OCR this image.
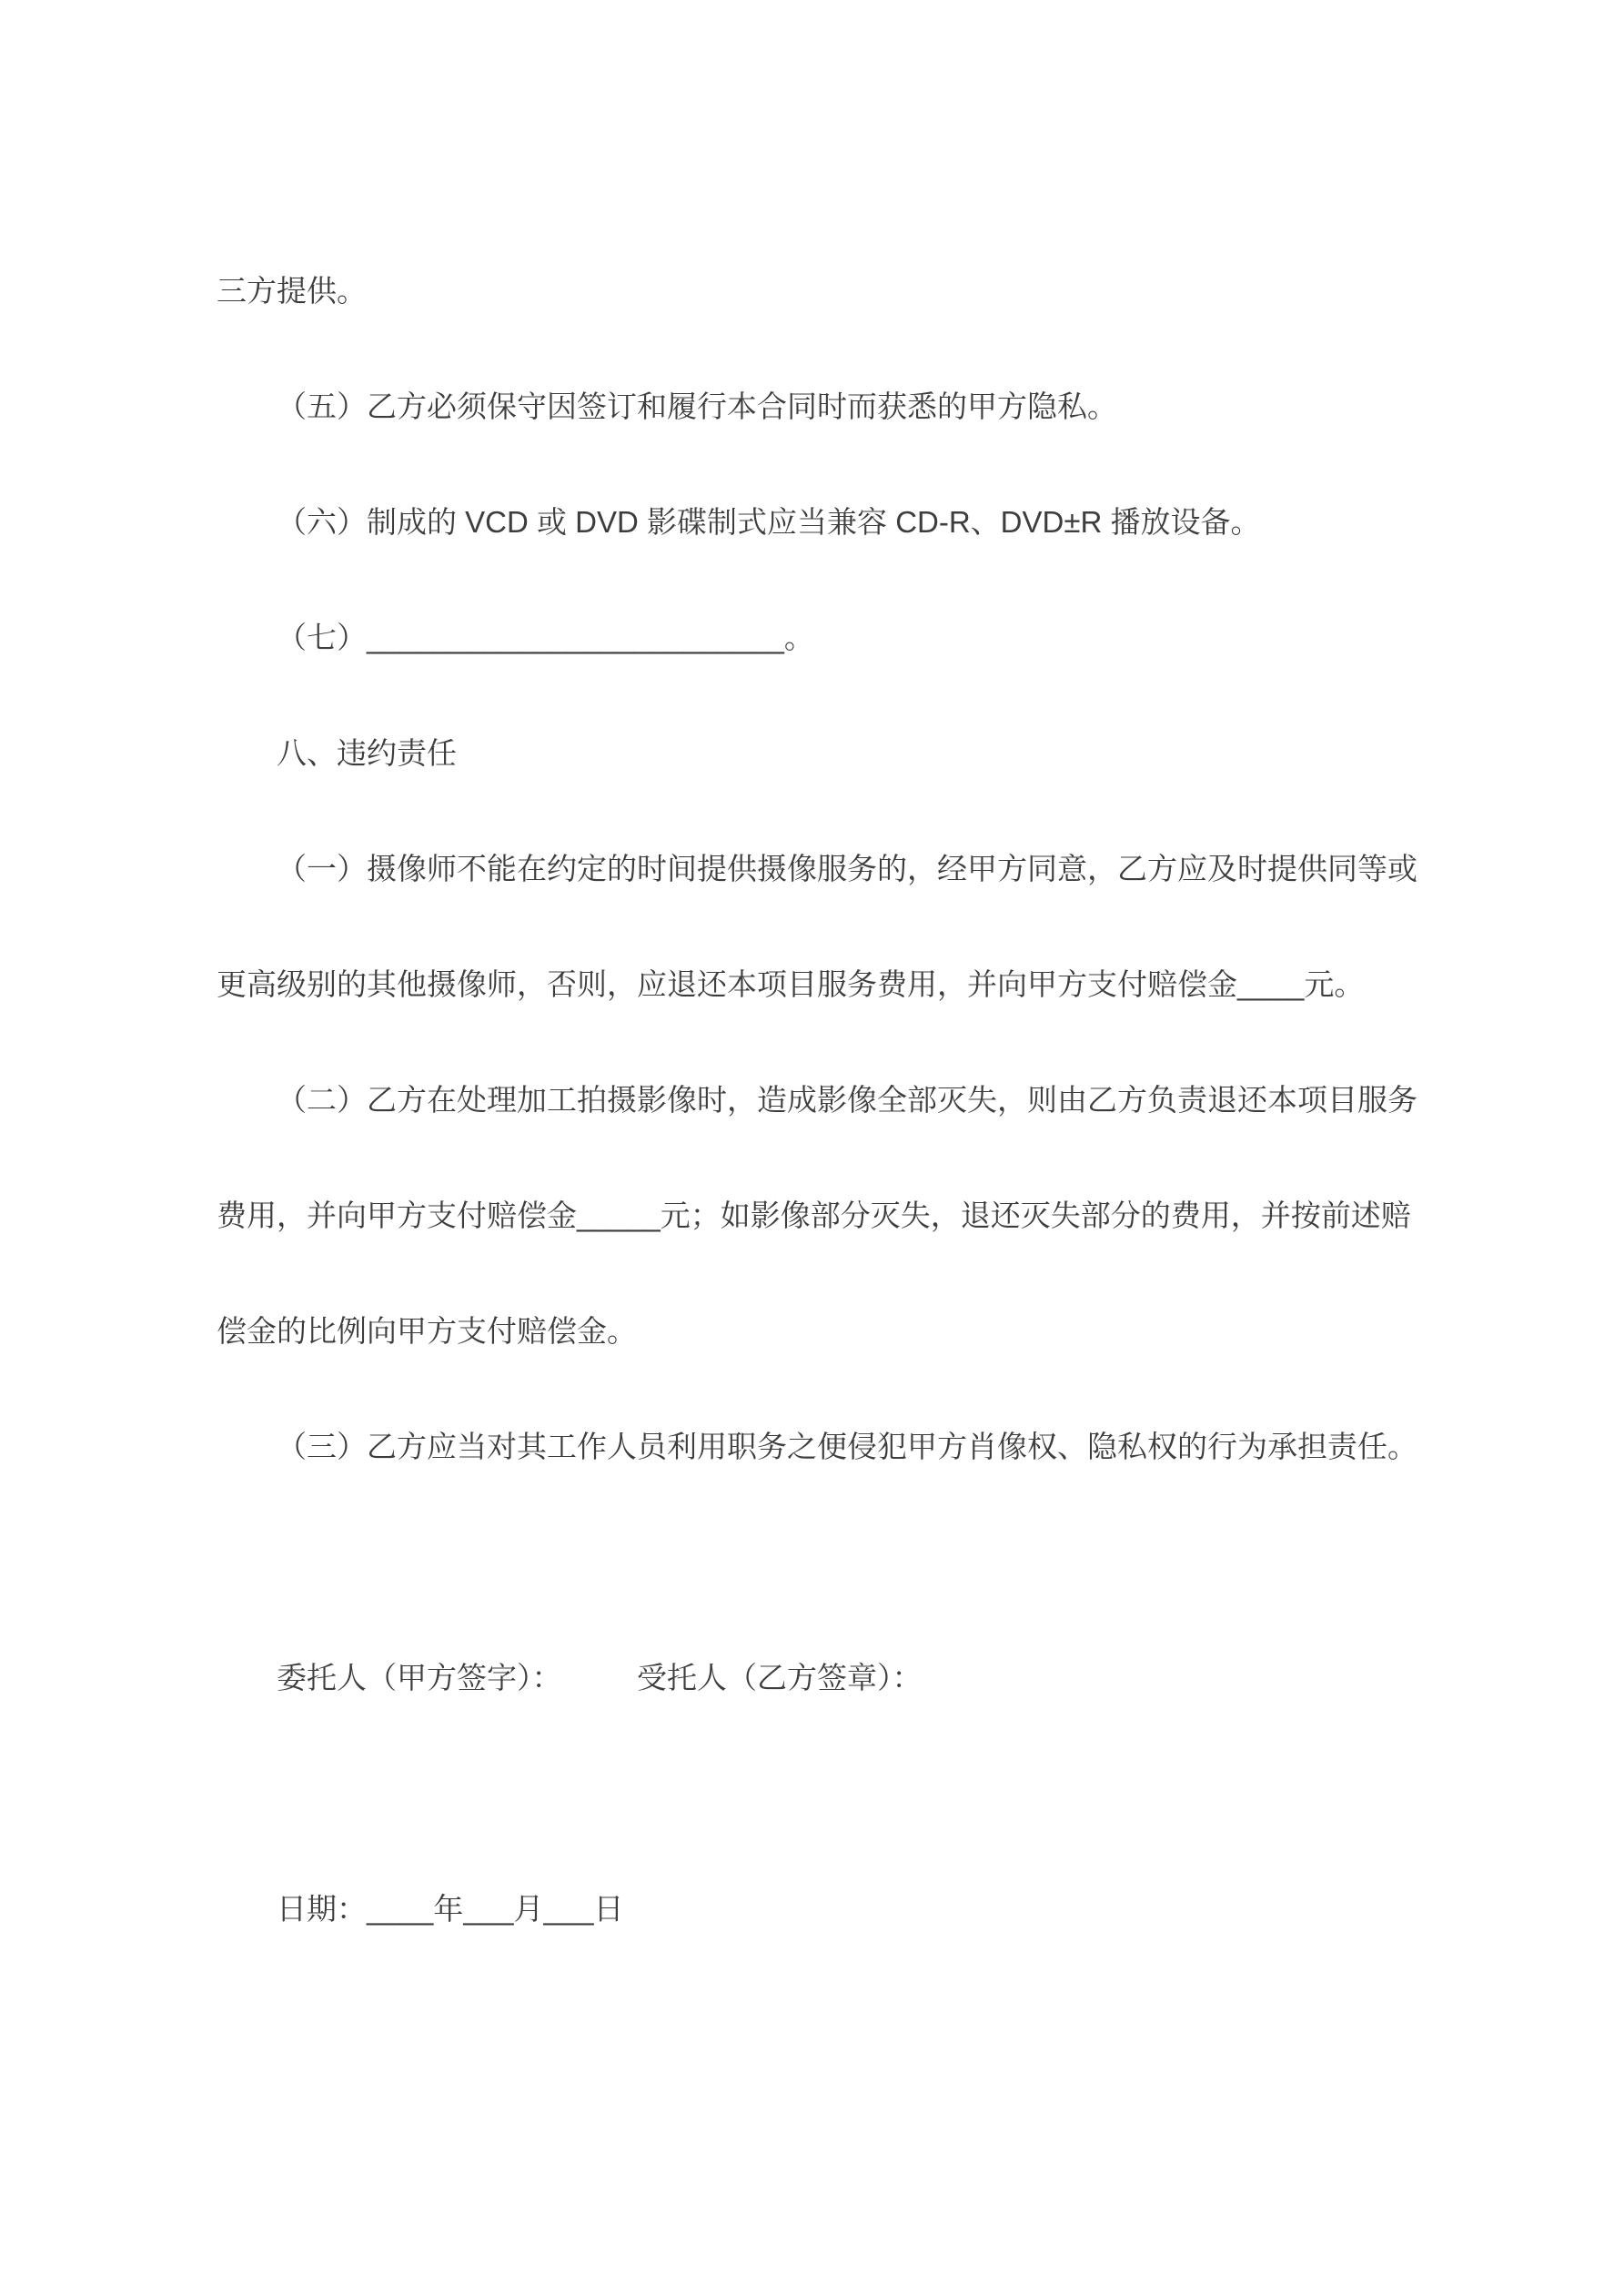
三方提供。

（五）乙方必须保守因签订和履行本合同时而获悉的甲方隐私。

（六）制成的 VCD 或 DVD 影碟制式应当兼容 CD-R、DVD±R 播放设备。

（七）_________________________。

八、违约责任

（一）摄像师不能在约定的时间提供摄像服务的，经甲方同意，乙方应及时提供同等或

更高级别的其他摄像师，否则，应退还本项目服务费用，并向甲方支付赔偿金____元。

（二）乙方在处理加工拍摄影像时，造成影像全部灭失，则由乙方负责退还本项目服务

费用，并向甲方支付赔偿金_____元；如影像部分灭失，退还灭失部分的费用，并按前述赔

偿金的比例向甲方支付赔偿金。

（三）乙方应当对其工作人员利用职务之便侵犯甲方肖像权、隐私权的行为承担责任。

委托人（甲方签字）：　　　受托人（乙方签章）：

日期：____年___月___日
